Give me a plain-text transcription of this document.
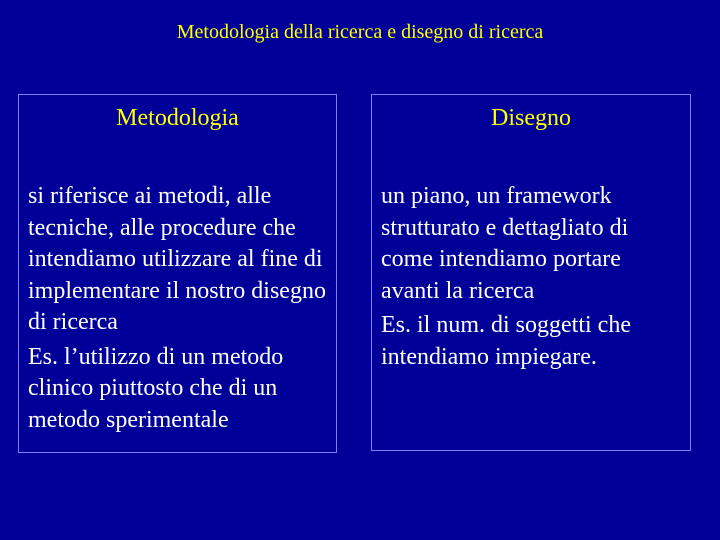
Metodologia della ricerca e disegno di ricerca
Metodologia

si riferisce ai metodi, alle tecniche, alle procedure che intendiamo utilizzare al fine di implementare il nostro disegno di ricerca

Es. l’utilizzo di un metodo clinico piuttosto che di un metodo sperimentale

Disegno

un piano, un framework strutturato e dettagliato di come intendiamo portare avanti la ricerca

Es. il num. di soggetti che intendiamo impiegare.
